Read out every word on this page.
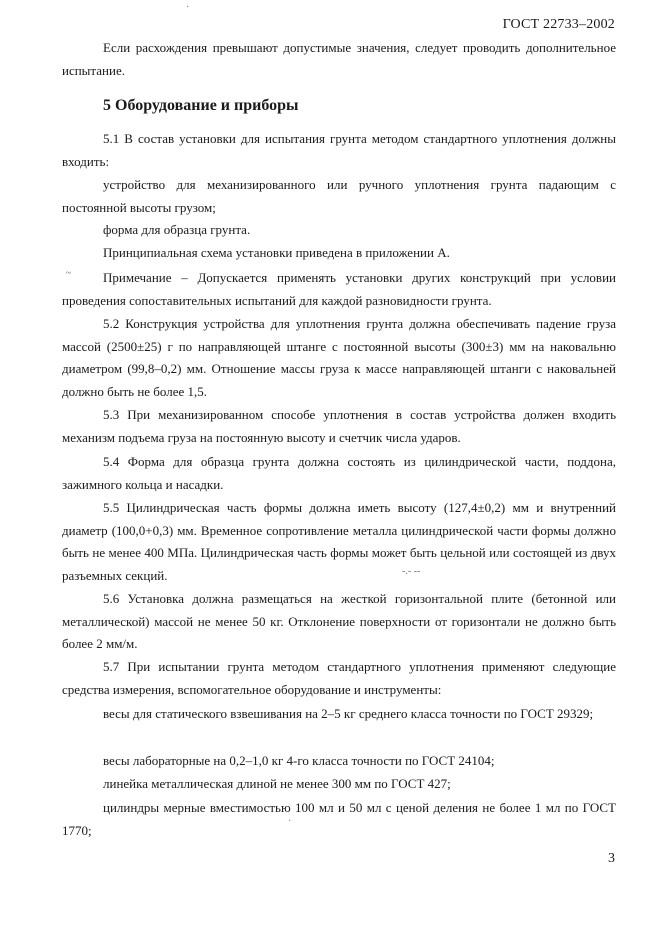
ГОСТ 22733–2002
Если расхождения превышают допустимые значения, следует проводить дополнительное испытание.
5 Оборудование и приборы
5.1 В состав установки для испытания грунта методом стандартного уплотнения должны входить:
устройство для механизированного или ручного уплотнения грунта падающим с постоянной высоты грузом;
форма для образца грунта.
Принципиальная схема установки приведена в приложении А.
Примечание – Допускается применять установки других конструкций при условии проведения сопоставительных испытаний для каждой разновидности грунта.
5.2 Конструкция устройства для уплотнения грунта должна обеспечивать падение груза массой (2500±25) г по направляющей штанге с постоянной высоты (300±3) мм на наковальню диаметром (99,8–0,2) мм. Отношение массы груза к массе направляющей штанги с наковальней должно быть не более 1,5.
5.3 При механизированном способе уплотнения в состав устройства должен входить механизм подъема груза на постоянную высоту и счетчик числа ударов.
5.4 Форма для образца грунта должна состоять из цилиндрической части, поддона, зажимного кольца и насадки.
5.5 Цилиндрическая часть формы должна иметь высоту (127,4±0,2) мм и внутренний диаметр (100,0+0,3) мм. Временное сопротивление металла цилиндрической части формы должно быть не менее 400 МПа. Цилиндрическая часть формы может быть цельной или состоящей из двух разъемных секций.
5.6 Установка должна размещаться на жесткой горизонтальной плите (бетонной или металлической) массой не менее 50 кг. Отклонение поверхности от горизонтали не должно быть более 2 мм/м.
5.7 При испытании грунта методом стандартного уплотнения применяют следующие средства измерения, вспомогательное оборудование и инструменты:
весы для статического взвешивания на 2–5 кг среднего класса точности по ГОСТ 29329;
весы лабораторные на 0,2–1,0 кг 4-го класса точности по ГОСТ 24104;
линейка металлическая длиной не менее 300 мм по ГОСТ 427;
цилиндры мерные вместимостью 100 мл и 50 мл с ценой деления не более 1 мл по ГОСТ 1770;
3
~
·
·
-.- --
